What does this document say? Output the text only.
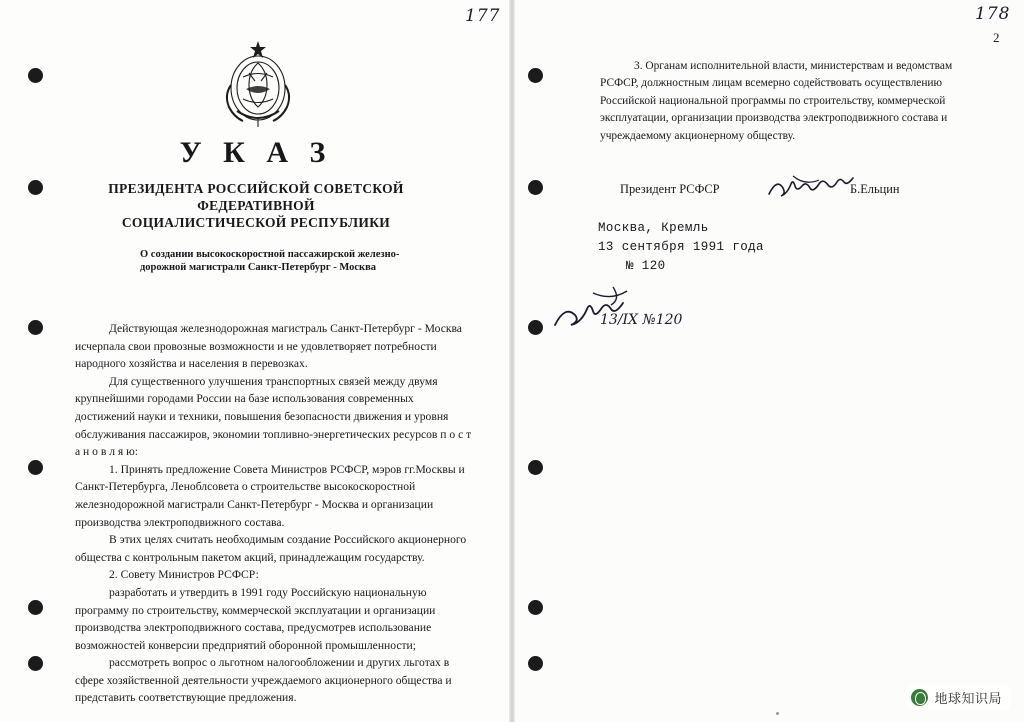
177	178
2
У К А З
ПРЕЗИДЕНТА РОССИЙСКОЙ СОВЕТСКОЙ ФЕДЕРАТИВНОЙ
СОЦИАЛИСТИЧЕСКОЙ РЕСПУБЛИКИ
О создании высокоскоростной пассажирской железно-
дорожной магистрали Санкт-Петербург - Москва

Действующая железнодорожная магистраль Санкт-Петербург - Москва исчерпала свои провозные возможности и не удовлетворяет потребности народного хозяйства и населения в перевозках.

Для существенного улучшения транспортных связей между двумя крупнейшими городами России на базе использования современных достижений науки и техники, повышения безопасности движения и уровня обслуживания пассажиров, экономии топливно-энергетических ресурсов п о с т а н о в л я ю:

1. Принять предложение Совета Министров РСФСР, мэров гг.Москвы и Санкт-Петербурга, Леноблсовета о строительстве высокоскоростной железнодорожной магистрали Санкт-Петербург - Москва и организации производства электроподвижного состава.

В этих целях считать необходимым создание Российского акционерного общества с контрольным пакетом акций, принадлежащим государству.

2. Совету Министров РСФСР:

разработать и утвердить в 1991 году Российскую национальную программу по строительству, коммерческой эксплуатации и организации производства электроподвижного состава, предусмотрев использование возможностей конверсии предприятий оборонной промышленности;

рассмотреть вопрос о льготном налогообложении и других льготах в сфере хозяйственной деятельности учреждаемого акционерного общества и представить соответствующие предложения.

3. Органам исполнительной власти, министерствам и ведомствам РСФСР, должностным лицам всемерно содействовать осуществлению Российской национальной программы по строительству, коммерческой эксплуатации, организации производства электроподвижного состава и учреждаемому акционерному обществу.

Президент РСФСР	Б.Ельцин
Москва, Кремль
13 сентября 1991 года
№ 120
13/IX №120
地球知识局
